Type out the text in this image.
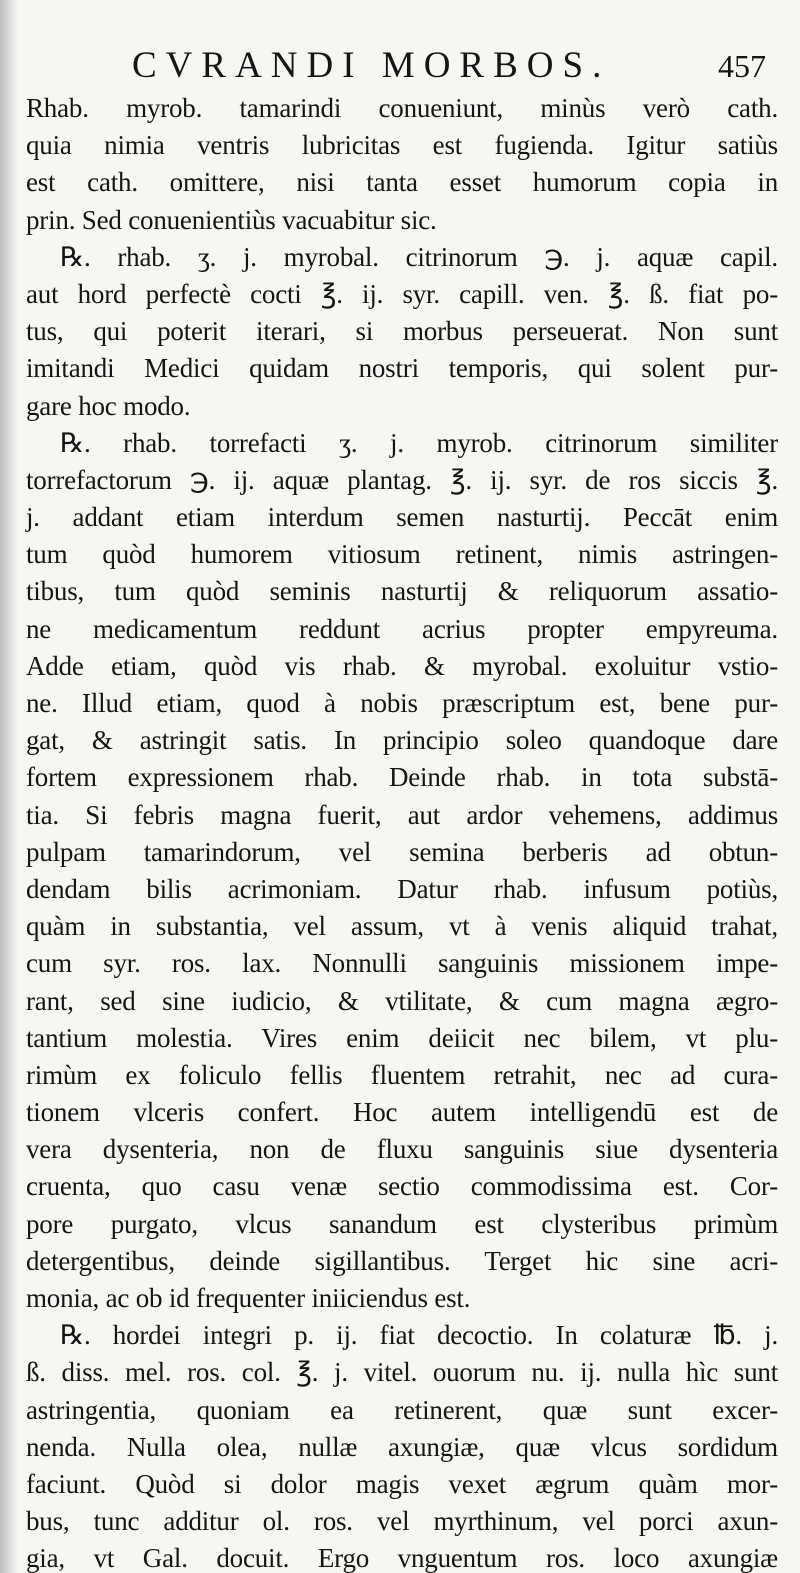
CVRANDI MORBOS.	457
Rhab. myrob. tamarindi conueniunt, minùs verò cath.
quia nimia ventris lubricitas est fugienda. Igitur satiùs
est cath. omittere, nisi tanta esset humorum copia in
prin. Sed conuenientiùs vacuabitur sic.
℞. rhab. ʒ. j. myrobal. citrinorum ℈. j. aquæ capil.
aut hord perfectè cocti ℥. ij. syr. capill. ven. ℥. ß. fiat po-
tus, qui poterit iterari, si morbus perseuerat. Non sunt
imitandi Medici quidam nostri temporis, qui solent pur-
gare hoc modo.
℞. rhab. torrefacti ʒ. j. myrob. citrinorum similiter
torrefactorum ℈. ij. aquæ plantag. ℥. ij. syr. de ros siccis ℥.
j. addant etiam interdum semen nasturtij. Peccāt enim
tum quòd humorem vitiosum retinent, nimis astringen-
tibus, tum quòd seminis nasturtij & reliquorum assatio-
ne medicamentum reddunt acrius propter empyreuma.
Adde etiam, quòd vis rhab. & myrobal. exoluitur vstio-
ne. Illud etiam, quod à nobis præscriptum est, bene pur-
gat, & astringit satis. In principio soleo quandoque dare
fortem expressionem rhab. Deinde rhab. in tota substā-
tia. Si febris magna fuerit, aut ardor vehemens, addimus
pulpam tamarindorum, vel semina berberis ad obtun-
dendam bilis acrimoniam. Datur rhab. infusum potiùs,
quàm in substantia, vel assum, vt à venis aliquid trahat,
cum syr. ros. lax. Nonnulli sanguinis missionem impe-
rant, sed sine iudicio, & vtilitate, & cum magna ægro-
tantium molestia. Vires enim deiicit nec bilem, vt plu-
rimùm ex foliculo fellis fluentem retrahit, nec ad cura-
tionem vlceris confert. Hoc autem intelligendū est de
vera dysenteria, non de fluxu sanguinis siue dysenteria
cruenta, quo casu venæ sectio commodissima est. Cor-
pore purgato, vlcus sanandum est clysteribus primùm
detergentibus, deinde sigillantibus. Terget hic sine acri-
monia, ac ob id frequenter iniiciendus est.
℞. hordei integri p. ij. fiat decoctio. In colaturæ ℔. j.
ß. diss. mel. ros. col. ℥. j. vitel. ouorum nu. ij. nulla hìc sunt
astringentia, quoniam ea retinerent, quæ sunt excer-
nenda. Nulla olea, nullæ axungiæ, quæ vlcus sordidum
faciunt. Quòd si dolor magis vexet ægrum quàm mor-
bus, tunc additur ol. ros. vel myrthinum, vel porci axun-
gia, vt Gal. docuit. Ergo vnguentum ros. loco axungiæ
